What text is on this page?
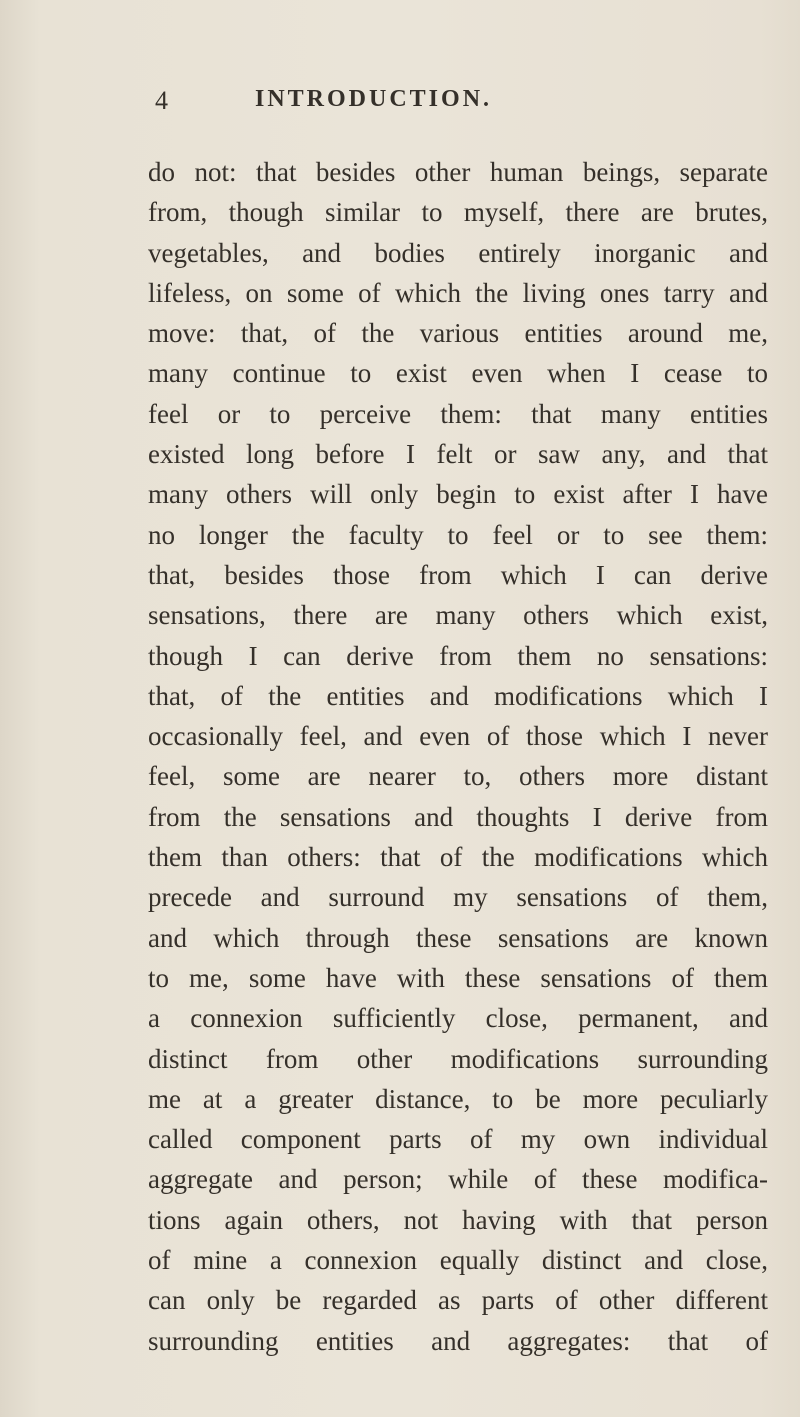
4	INTRODUCTION.
do not: that besides other human beings, separate
from, though similar to myself, there are brutes,
vegetables, and bodies entirely inorganic and
lifeless, on some of which the living ones tarry and
move: that, of the various entities around me,
many continue to exist even when I cease to
feel or to perceive them: that many entities
existed long before I felt or saw any, and that
many others will only begin to exist after I have
no longer the faculty to feel or to see them:
that, besides those from which I can derive
sensations, there are many others which exist,
though I can derive from them no sensations:
that, of the entities and modifications which I
occasionally feel, and even of those which I never
feel, some are nearer to, others more distant
from the sensations and thoughts I derive from
them than others: that of the modifications which
precede and surround my sensations of them,
and which through these sensations are known
to me, some have with these sensations of them
a connexion sufficiently close, permanent, and
distinct from other modifications surrounding
me at a greater distance, to be more peculiarly
called component parts of my own individual
aggregate and person; while of these modifica-
tions again others, not having with that person
of mine a connexion equally distinct and close,
can only be regarded as parts of other different
surrounding entities and aggregates: that of
